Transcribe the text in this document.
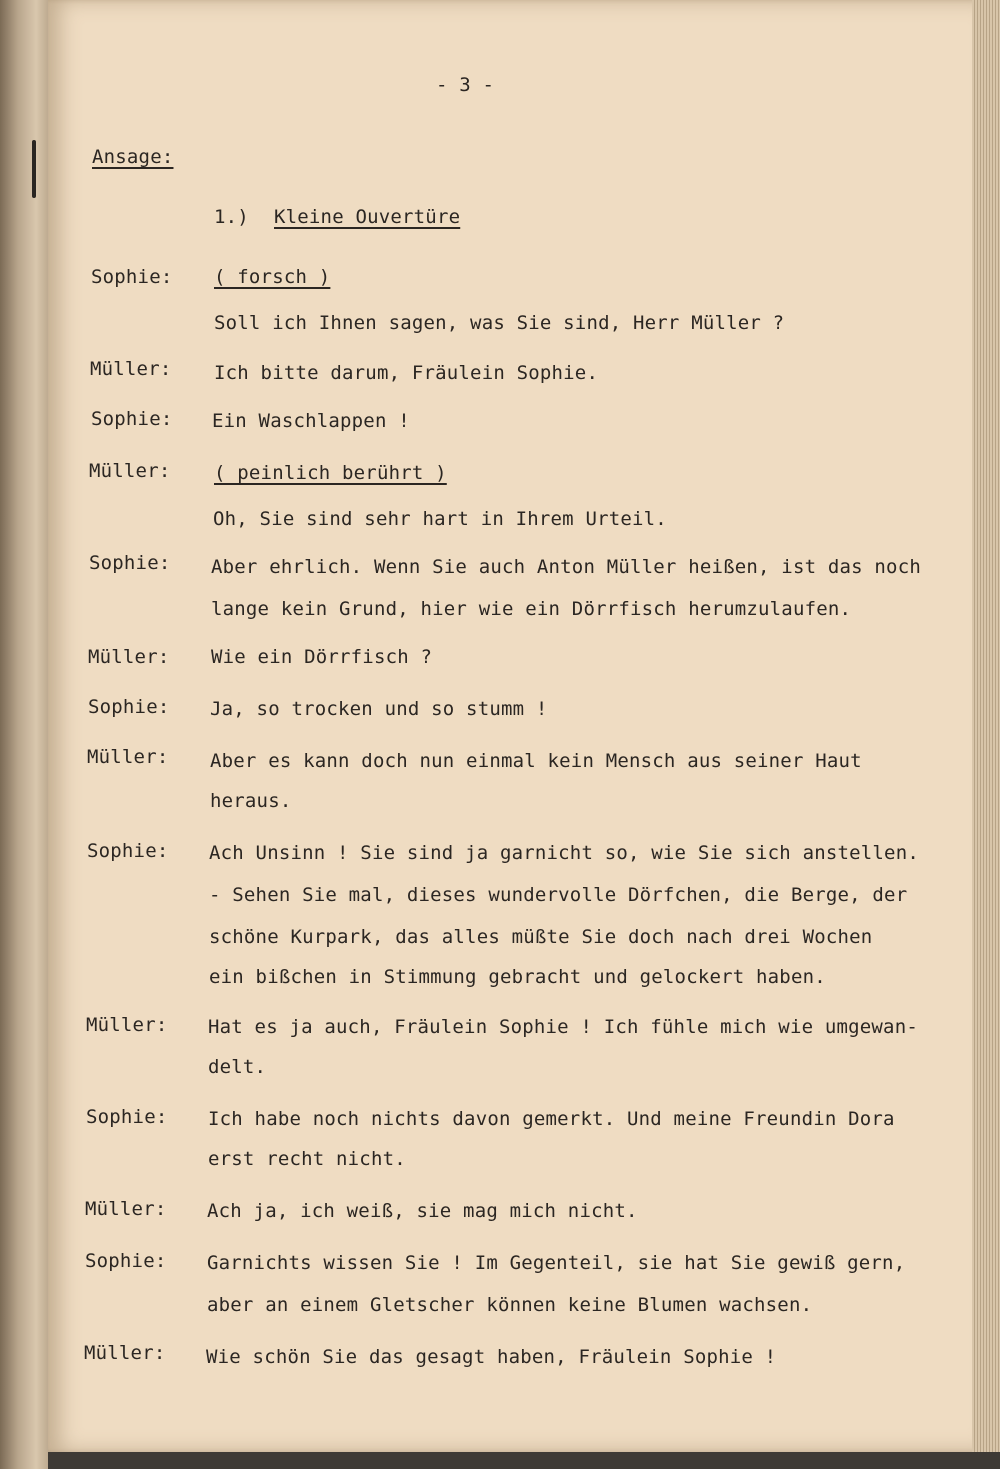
- 3 -
Ansage:
1.) Kleine Ouvertüre
Sophie: ( forsch )
Soll ich Ihnen sagen, was Sie sind, Herr Müller ?
Müller: Ich bitte darum, Fräulein Sophie.
Sophie: Ein Waschlappen !
Müller: ( peinlich berührt )
Oh, Sie sind sehr hart in Ihrem Urteil.
Sophie: Aber ehrlich. Wenn Sie auch Anton Müller heißen, ist das noch
lange kein Grund, hier wie ein Dörrfisch herumzulaufen.
Müller: Wie ein Dörrfisch ?
Sophie: Ja, so trocken und so stumm !
Müller: Aber es kann doch nun einmal kein Mensch aus seiner Haut
heraus.
Sophie: Ach Unsinn ! Sie sind ja garnicht so, wie Sie sich anstellen.
- Sehen Sie mal, dieses wundervolle Dörfchen, die Berge, der
schöne Kurpark, das alles müßte Sie doch nach drei Wochen
ein bißchen in Stimmung gebracht und gelockert haben.
Müller: Hat es ja auch, Fräulein Sophie ! Ich fühle mich wie umgewan-
delt.
Sophie: Ich habe noch nichts davon gemerkt. Und meine Freundin Dora
erst recht nicht.
Müller: Ach ja, ich weiß, sie mag mich nicht.
Sophie: Garnichts wissen Sie ! Im Gegenteil, sie hat Sie gewiß gern,
aber an einem Gletscher können keine Blumen wachsen.
Müller: Wie schön Sie das gesagt haben, Fräulein Sophie !
